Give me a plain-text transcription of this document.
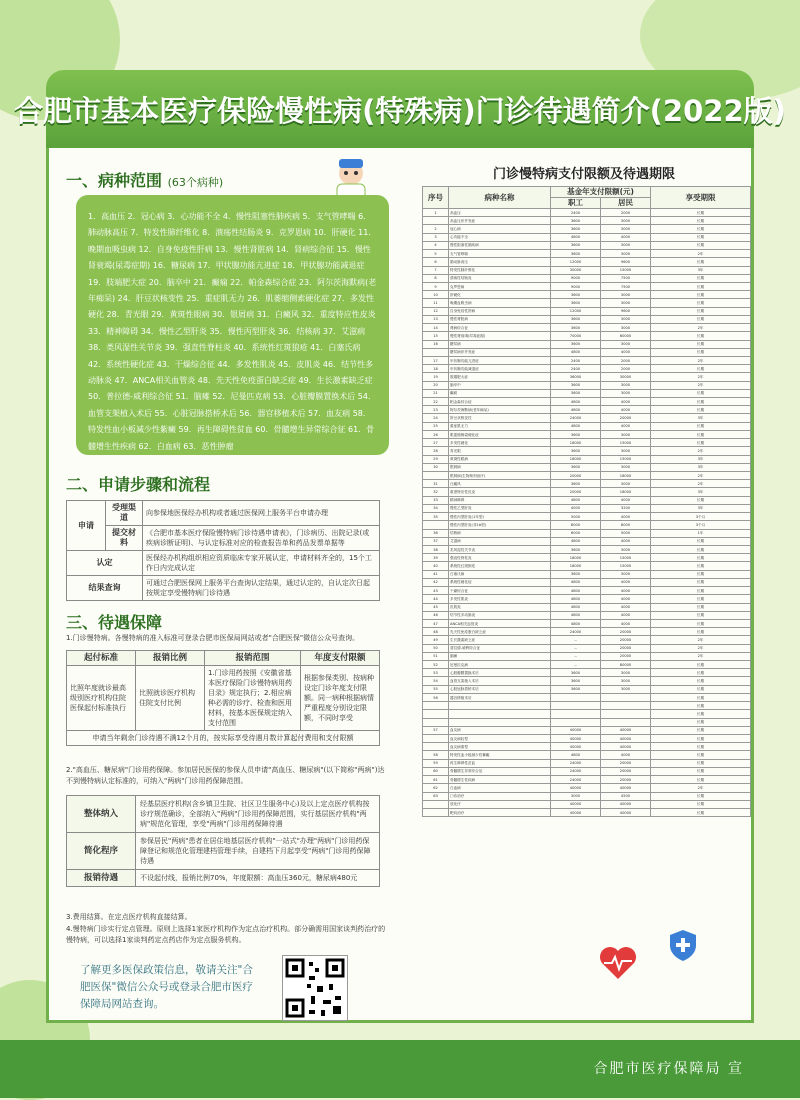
合肥市基本医疗保险慢性病(特殊病)门诊待遇简介(2022版)
一、病种范围 (63个病种)
1．高血压 2．冠心病 3．心功能不全 4．慢性阻塞性肺疾病 5．支气管哮喘 6．肺动脉高压 7．特发性肺纤维化 8．溃疡性结肠炎 9．克罗恩病 10．肝硬化 11．晚期血吸虫病 12．自身免疫性肝病 13．慢性肾脏病 14．肾病综合征 15．慢性肾衰竭(尿毒症期) 16．糖尿病 17．甲状腺功能亢进症 18．甲状腺功能减退症 19．肢端肥大症 20．脑卒中 21．癫痫 22．帕金森综合症 23．阿尔茨海默病(老年痴呆) 24．肝豆状核变性 25．重症肌无力 26．肌萎缩侧索硬化症 27．多发性硬化 28．青光眼 29．黄斑性眼病 30．银屑病 31．白癜风 32．重度特应性皮炎 33．精神障碍 34．慢性乙型肝炎 35．慢性丙型肝炎 36．结核病 37．艾滋病 38．类风湿性关节炎 39．强直性脊柱炎 40．系统性红斑狼疮 41．白塞氏病 42．系统性硬化症 43．干燥综合征 44．多发性肌炎 45．皮肌炎 46．结节性多动脉炎 47．ANCA相关血管炎 48．先天性免疫蛋白缺乏症 49．生长激素缺乏症 50．普拉德-威利综合征 51．脑瘫 52．尼曼匹克病 53．心脏瓣膜置换术后 54．血管支架植入术后 55．心脏冠脉搭桥术后 56．器官移植术后 57．血友病 58．特发性血小板减少性紫癜 59．再生障碍性贫血 60．骨髓增生异常综合征 61．骨髓增生性疾病 62．白血病 63．恶性肿瘤
二、申请步骤和流程
申请	受理渠道	向参保地医保经办机构或者通过医保网上服务平台申请办理
	提交材料	《合肥市基本医疗保险慢特病门诊待遇申请表》，门诊病历、出院记录(或疾病诊断证明)、与认定标准对应的检查报告单和药品发票单据等
认定		医保经办机构组织相应资质临床专家开展认定，申请材料齐全的，15个工作日内完成认定
结果查询		可通过合肥医保网上服务平台查询认定结果，通过认定的，自认定次日起按规定享受慢特病门诊待遇
三、待遇保障
1.门诊慢特病。各慢特病的准入标准可登录合肥市医保局网站或者"合肥医保"微信公众号查询。
起付标准	报销比例	报销范围	年度支付限额
比照年度就诊最高级别医疗机构住院医保起付标准执行	比照就诊医疗机构住院支付比例	1.门诊用药按照《安徽省基本医疗保险门诊慢特病用药目录》规定执行；2.相应病种必需的诊疗、检查和医用材料，按基本医保规定纳入支付范围	根据参保类别、按病种设定门诊年度支付限额。同一病种根据病情严重程度分别设定限额，不同时享受
申请当年剩余门诊待遇不满12个月的，按实际享受待遇月数计算起付费用和支付限额			
2."高血压、糖尿病"门诊用药保障。参加居民医保的参保人员申请"高血压、糖尿病"(以下简称"两病")达不到慢特病认定标准的，可纳入"两病"门诊用药保障范围。
整体纳入	经基层医疗机构(含乡镇卫生院、社区卫生服务中心)及以上定点医疗机构按诊疗规范确诊，全部纳入"两病"门诊用药保障范围，实行基层医疗机构"两病"规范化管理，享受"两病"门诊用药保障待遇
简化程序	参保居民"两病"患者在居住地基层医疗机构"一站式"办理"两病"门诊用药保障登记和规范化管理建档管理手续，自建档下月起享受"两病"门诊用药保障待遇
报销待遇	不设起付线，报销比例70%，年度限额：高血压360元，糖尿病480元
3.费用结算。在定点医疗机构直接结算。
4.慢特病门诊实行定点管理。原则上选择1家医疗机构作为定点治疗机构。部分确需用国家谈判药治疗的慢特病，可以选择1家谈判药定点药店作为定点服务机构。
了解更多医保政策信息，敬请关注"合肥医保"微信公众号或登录合肥市医疗保障局网站查询。
门诊慢特病支付限额及待遇期限
序号	病种名称	基金年支付限额(元)		享受期限
		职工	居民	
1	高血压	2400	2000	长期
	高血压伴并发症	3600	3000	长期
2	冠心病	3600	3000	长期
3	心功能不全	4800	4000	长期
4	慢性阻塞性肺疾病	3600	3000	长期
5	支气管哮喘	3600	3000	2年
6	肺动脉高压	12000	9600	长期
7	特发性肺纤维化	30000	15000	3年
8	溃疡性结肠炎	9000	7500	长期
9	克罗恩病	9000	7500	长期
10	肝硬化	3600	3000	长期
11	晚期血吸虫病	3600	3000	长期
12	自身免疫性肝病	12000	9600	长期
13	慢性肾脏病	3600	3000	长期
14	肾病综合征	3600	3000	2年
15	慢性肾衰竭(尿毒症期)	70000	60000	长期
16	糖尿病	3600	3000	长期
	糖尿病伴并发症	4800	4000	长期
17	甲状腺功能亢进症	2400	2000	2年
18	甲状腺功能减退症	2400	2000	长期
19	肢端肥大症	36000	30000	2年
20	脑卒中	3600	3000	2年
21	癫痫	3600	3000	长期
22	帕金森综合症	4800	4000	长期
23	阿尔茨海默病(老年痴呆)	4800	4000	长期
24	肝豆状核变性	24000	20000	3年
25	重症肌无力	4800	4000	长期
26	肌萎缩侧索硬化症	3600	3000	长期
27	多发性硬化	18000	15000	长期
28	青光眼	3600	3000	2年
29	黄斑性眼病	18000	15000	3年
30	银屑病	3600	3000	3年
	银屑病(生物制剂治疗)	20000	18000	2年
31	白癜风	3600	3000	2年
32	重度特应性皮炎	20000	18000	3年
33	精神障碍	4800	4000	长期
34	慢性乙型肝炎	4000	3200	3年
35	慢性丙型肝炎(1年型)	5000	4000	3个月
	慢性丙型肝炎(非1b型)	8000	8000	3个月
36	结核病	6000	5000	1年
37	艾滋病	4800	4000	长期
38	类风湿性关节炎	3600	3000	长期
39	强直性脊柱炎	18000	15000	长期
40	系统性红斑狼疮	18000	15000	长期
41	白塞氏病	3600	3000	长期
42	系统性硬化症	4800	4000	长期
43	干燥综合征	4800	4000	长期
44	多发性肌炎	4800	4000	长期
45	皮肌炎	4800	4000	长期
46	结节性多动脉炎	4800	4000	长期
47	ANCA相关血管炎	4800	4000	长期
48	先天性免疫蛋白缺乏症	24000	20000	长期
49	生长激素缺乏症	--	20000	2年
50	普拉德-威利综合征	--	20000	2年
51	脑瘫	--	20000	2年
52	尼曼匹克病	--	80000	长期
53	心脏瓣膜置换术后	3600	3000	长期
54	血管支架植入术后	3600	3000	长期
55	心脏冠脉搭桥术后	3600	3000	长期
56	器官移植术后			长期
				长期
				长期
				长期
57	血友病	40000	40000	长期
	血友病轻型	40000	40000	长期
	血友病重型	40000	40000	长期
58	特发性血小板减少性紫癜	4800	4000	长期
59	再生障碍性贫血	24000	20000	长期
60	骨髓增生异常综合征	24000	20000	长期
61	骨髓增生性疾病	24000	20000	长期
62	白血病	40000	40000	2年
63	门诊治疗	3000	4500	长期
	放化疗	40000	40000	长期
	靶向治疗	40000	40000	长期
合肥市医疗保障局 宣
